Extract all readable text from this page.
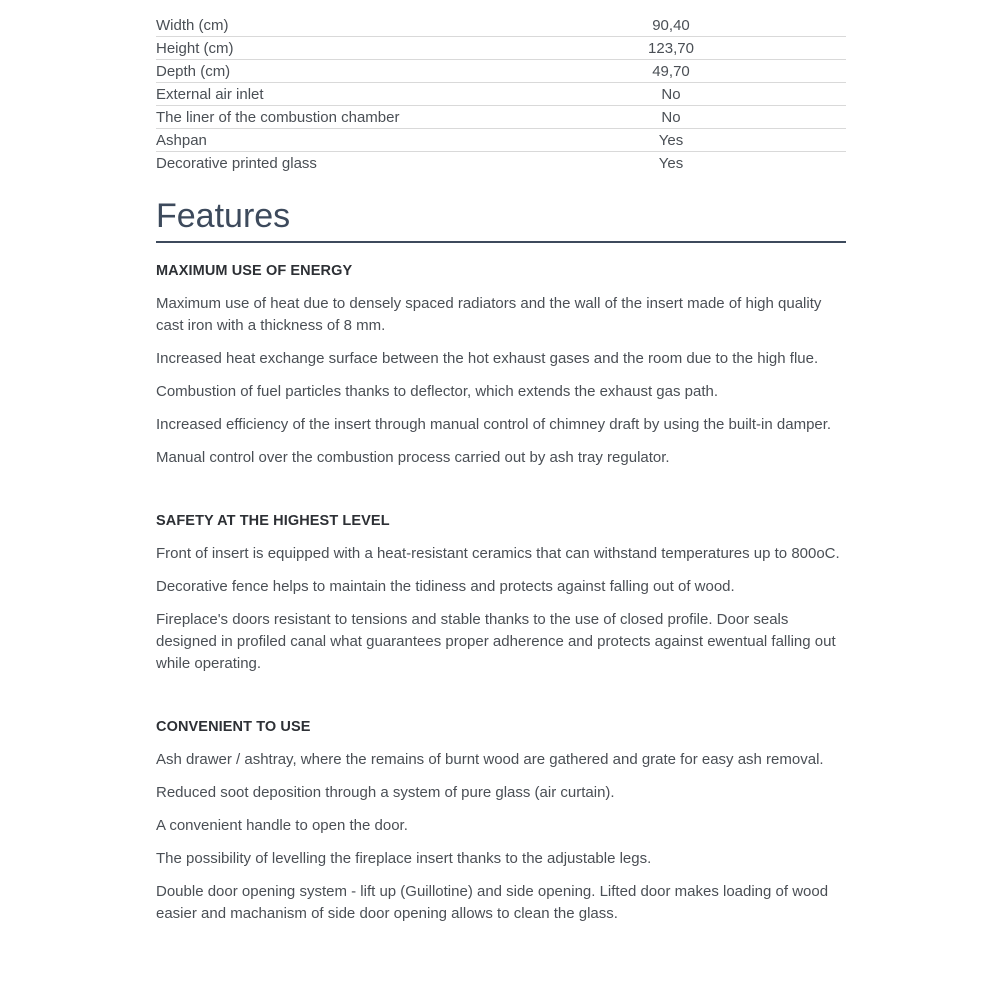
Width (cm)	90,40	
Height (cm)	123,70	
Depth (cm)	49,70	
External air inlet	No	
The liner of the combustion chamber	No	
Ashpan	Yes	
Decorative printed glass	Yes	
Features
MAXIMUM USE OF ENERGY

Maximum use of heat due to densely spaced radiators and the wall of the insert made of high quality cast iron with a thickness of 8 mm.

Increased heat exchange surface between the hot exhaust gases and the room due to the high flue.

Combustion of fuel particles thanks to deflector, which extends the exhaust gas path.

Increased efficiency of the insert through manual control of chimney draft by using the built-in damper.

Manual control over the combustion process carried out by ash tray regulator.

SAFETY AT THE HIGHEST LEVEL

Front of insert is equipped with a heat-resistant ceramics that can withstand temperatures up to 800oC.

Decorative fence helps to maintain the tidiness and protects against falling out of wood.

Fireplace's doors resistant to tensions and stable thanks to the use of closed profile. Door seals designed in profiled canal what guarantees proper adherence and protects against ewentual falling out while operating.

CONVENIENT TO USE

Ash drawer / ashtray, where the remains of burnt wood are gathered and grate for easy ash removal.

Reduced soot deposition through a system of pure glass (air curtain).

A convenient handle to open the door.

The possibility of levelling the fireplace insert thanks to the adjustable legs.

Double door opening system - lift up (Guillotine) and side opening. Lifted door makes loading of wood easier and machanism of side door opening allows to clean the glass.
